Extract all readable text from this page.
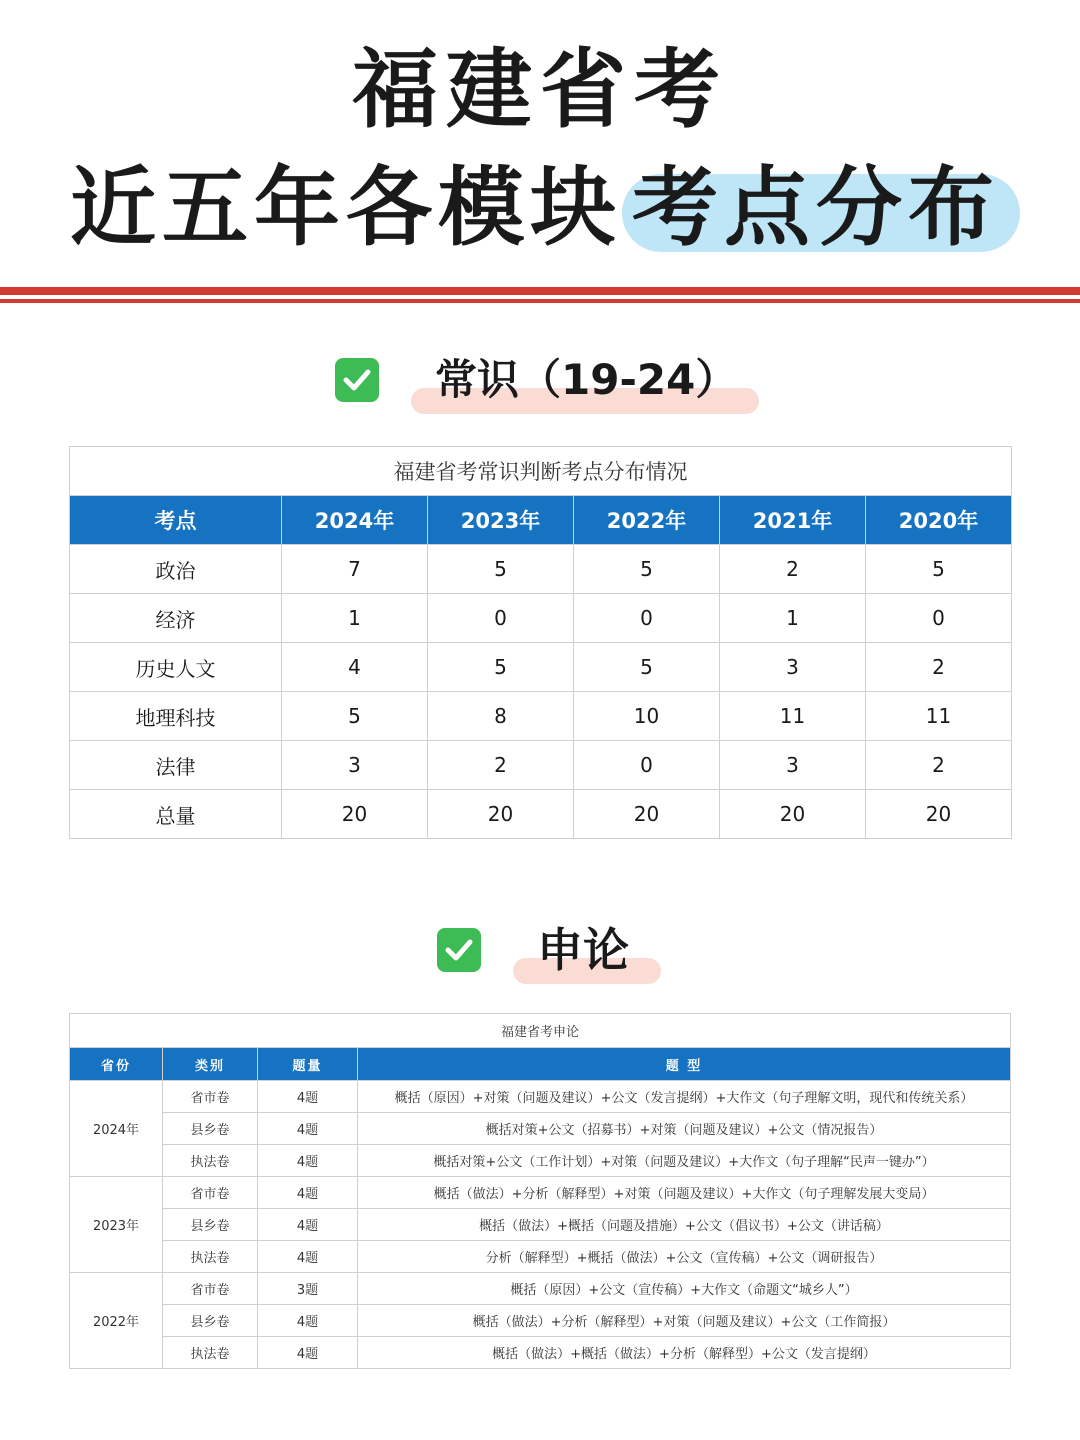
福建省考
近五年各模块 考点分布
常识（19-24）
福建省考常识判断考点分布情况					
考点	2024年	2023年	2022年	2021年	2020年
政治	7	5	5	2	5
经济	1	0	0	1	0
历史人文	4	5	5	3	2
地理科技	5	8	10	11	11
法律	3	2	0	3	2
总量	20	20	20	20	20
申论
福建省考申论			
省份	类别	题量	题 型
2024年	省市卷	4题	概括（原因）+对策（问题及建议）+公文（发言提纲）+大作文（句子理解文明，现代和传统关系）
	县乡卷	4题	概括对策+公文（招募书）+对策（问题及建议）+公文（情况报告）
	执法卷	4题	概括对策+公文（工作计划）+对策（问题及建议）+大作文（句子理解“民声一键办”）
2023年	省市卷	4题	概括（做法）+分析（解释型）+对策（问题及建议）+大作文（句子理解发展大变局）
	县乡卷	4题	概括（做法）+概括（问题及措施）+公文（倡议书）+公文（讲话稿）
	执法卷	4题	分析（解释型）+概括（做法）+公文（宣传稿）+公文（调研报告）
2022年	省市卷	3题	概括（原因）+公文（宣传稿）+大作文（命题文“城乡人”）
	县乡卷	4题	概括（做法）+分析（解释型）+对策（问题及建议）+公文（工作简报）
	执法卷	4题	概括（做法）+概括（做法）+分析（解释型）+公文（发言提纲）
